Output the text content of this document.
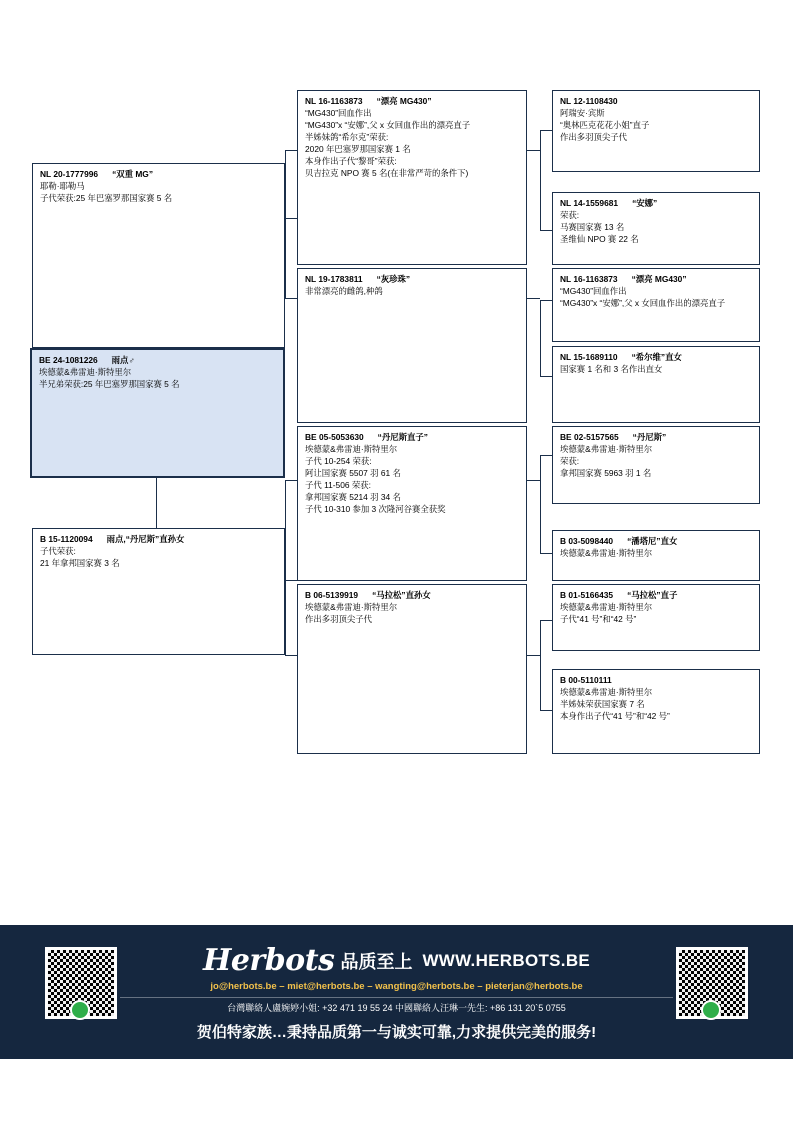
NL 20-1777996 “双重 MG”
耶勒·耶勒马
子代荣获:25 年巴塞罗那国家赛 5 名
BE 24-1081226 雨点♂
埃德蒙&弗雷迪·斯特里尔
半兄弟荣获:25 年巴塞罗那国家赛 5 名
B 15-1120094 雨点,“丹尼斯”直孙女
子代荣获:
21 年拿邦国家赛 3 名
NL 16-1163873 “漂亮 MG430”
“MG430”回血作出
“MG430”x “安娜”,父 x 女回血作出的漂亮直子
半姊妹鸽“希尔克”荣获:
2020 年巴塞罗那国家赛 1 名
本身作出子代“黎哥”荣获:
贝吉拉克 NPO 赛 5 名(在非常严苛的条件下)
NL 19-1783811 “灰珍珠”
非常漂亮的雌鸽,种鸽
BE 05-5053630 “丹尼斯直子”
埃德蒙&弗雷迪·斯特里尔
子代 10-254 荣获:
阿让国家赛 5507 羽 61 名
子代 11-506 荣获:
拿邦国家赛 5214 羽 34 名
子代 10-310 参加 3 次隆河谷赛全获奖
B 06-5139919 “马拉松”直孙女
埃德蒙&弗雷迪·斯特里尔
作出多羽顶尖子代
NL 12-1108430
阿瑞安·宾斯
“奥林匹克花花小姐”直子
作出多羽顶尖子代
NL 14-1559681 “安娜”
荣获:
马赛国家赛 13 名
圣维仙 NPO 赛 22 名
NL 16-1163873 “漂亮 MG430”
“MG430”回血作出
“MG430”x “安娜”,父 x 女回血作出的漂亮直子
NL 15-1689110 “希尔维”直女
国家赛 1 名和 3 名作出直女
BE 02-5157565 “丹尼斯”
埃德蒙&弗雷迪·斯特里尔
荣获:
拿邦国家赛 5963 羽 1 名
B 03-5098440 “潘塔尼”直女
埃德蒙&弗雷迪·斯特里尔
B 01-5166435 “马拉松”直子
埃德蒙&弗雷迪·斯特里尔
子代“41 号”和“42 号”
B 00-5110111
埃德蒙&弗雷迪·斯特里尔
半姊妹荣获国家赛 7 名
本身作出子代“41 号”和“42 号”
Herbots 品质至上 WWW.HERBOTS.BE
jo@herbots.be – miet@herbots.be – wangting@herbots.be – pieterjan@herbots.be
台灣聯絡人盧婉婷小姐: +32 471 19 55 24 中國聯絡人汪琳一先生: +86 131 20`5 0755
贺伯特家族…秉持品质第一与诚实可靠,力求提供完美的服务!
